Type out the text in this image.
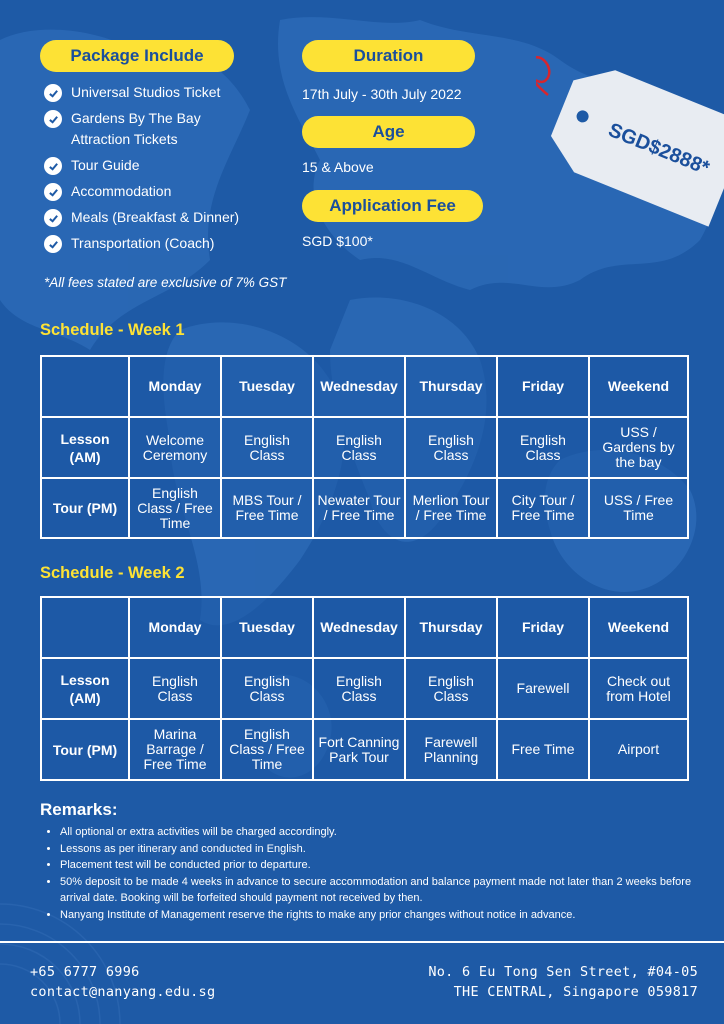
SGD$2888*
Package Include	Duration
Age
Application Fee
17th July - 30th July 2022
15 & Above
SGD $100*
Universal Studios Ticket
Gardens By The Bay Attraction Tickets
Tour Guide
Accommodation
Meals (Breakfast & Dinner)
Transportation (Coach)
*All fees stated are exclusive of 7% GST
Schedule - Week 1
	Monday	Tuesday	Wednesday	Thursday	Friday	Weekend
Lesson (AM)	Welcome Ceremony	English Class	English Class	English Class	English Class	USS / Gardens by the bay
Tour (PM)	English Class / Free Time	MBS Tour / Free Time	Newater Tour / Free Time	Merlion Tour / Free Time	City Tour / Free Time	USS / Free Time
Schedule - Week 2
	Monday	Tuesday	Wednesday	Thursday	Friday	Weekend
Lesson (AM)	English Class	English Class	English Class	English Class	Farewell	Check out from Hotel
Tour (PM)	Marina Barrage / Free Time	English Class / Free Time	Fort Canning Park Tour	Farewell Planning	Free Time	Airport
Remarks:
• All optional or extra activities will be charged accordingly.
• Lessons as per itinerary and conducted in English.
• Placement test will be conducted prior to departure.
• 50% deposit to be made 4 weeks in advance to secure accommodation and balance payment made not later than 2 weeks before arrival date. Booking will be forfeited should payment not received by then.
• Nanyang Institute of Management reserve the rights to make any prior changes without notice in advance.
+65 6777 6996
contact@nanyang.edu.sg
No. 6 Eu Tong Sen Street, #04-05
THE CENTRAL, Singapore 059817
